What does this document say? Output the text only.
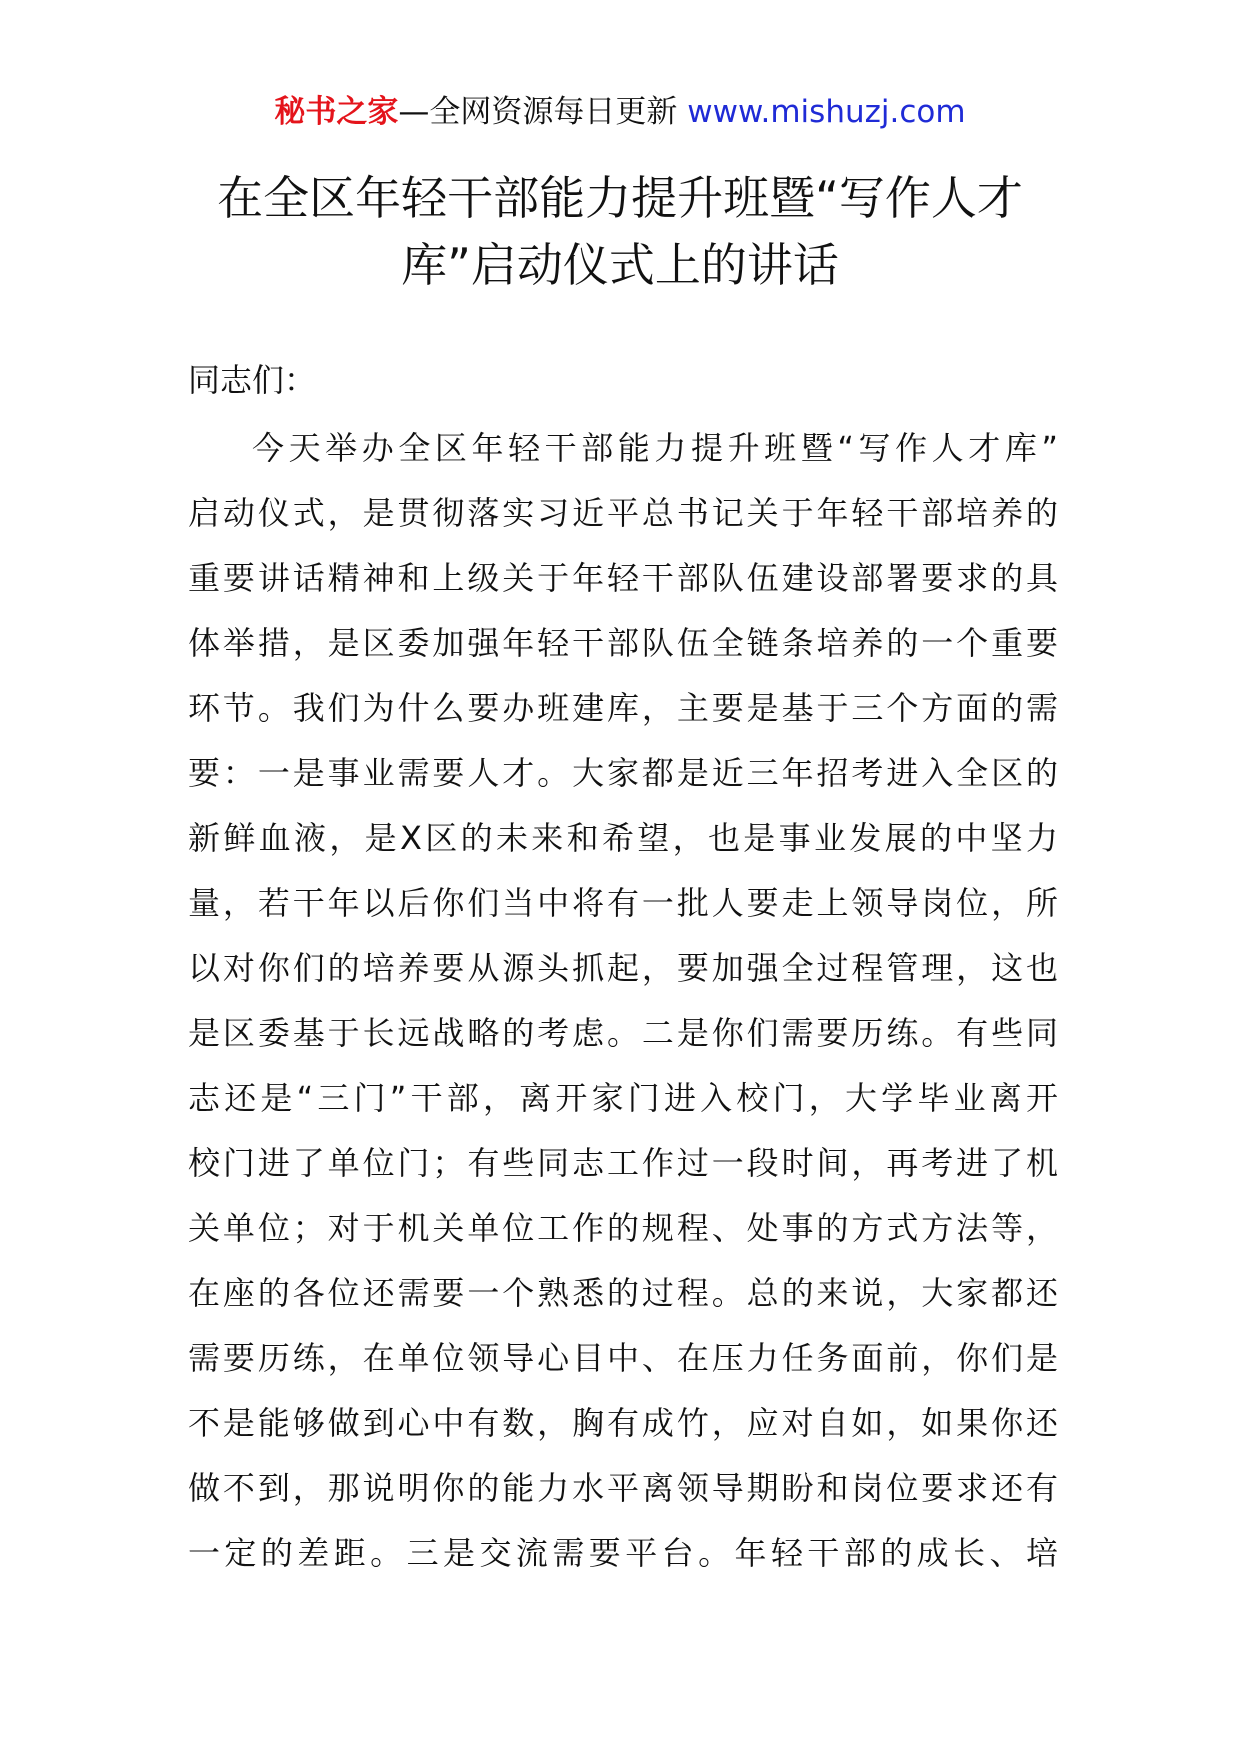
秘书之家—全网资源每日更新 www.mishuzj.com
在全区年轻干部能力提升班暨“写作人才
库”启动仪式上的讲话
同志们：
今天举办全区年轻干部能力提升班暨“写作人才库”
启动仪式，是贯彻落实习近平总书记关于年轻干部培养的
重要讲话精神和上级关于年轻干部队伍建设部署要求的具
体举措，是区委加强年轻干部队伍全链条培养的一个重要
环节。我们为什么要办班建库，主要是基于三个方面的需
要：一是事业需要人才。大家都是近三年招考进入全区的
新鲜血液，是X区的未来和希望，也是事业发展的中坚力
量，若干年以后你们当中将有一批人要走上领导岗位，所
以对你们的培养要从源头抓起，要加强全过程管理，这也
是区委基于长远战略的考虑。二是你们需要历练。有些同
志还是“三门”干部，离开家门进入校门，大学毕业离开
校门进了单位门；有些同志工作过一段时间，再考进了机
关单位；对于机关单位工作的规程、处事的方式方法等，
在座的各位还需要一个熟悉的过程。总的来说，大家都还
需要历练，在单位领导心目中、在压力任务面前，你们是
不是能够做到心中有数，胸有成竹，应对自如，如果你还
做不到，那说明你的能力水平离领导期盼和岗位要求还有
一定的差距。三是交流需要平台。年轻干部的成长、培
